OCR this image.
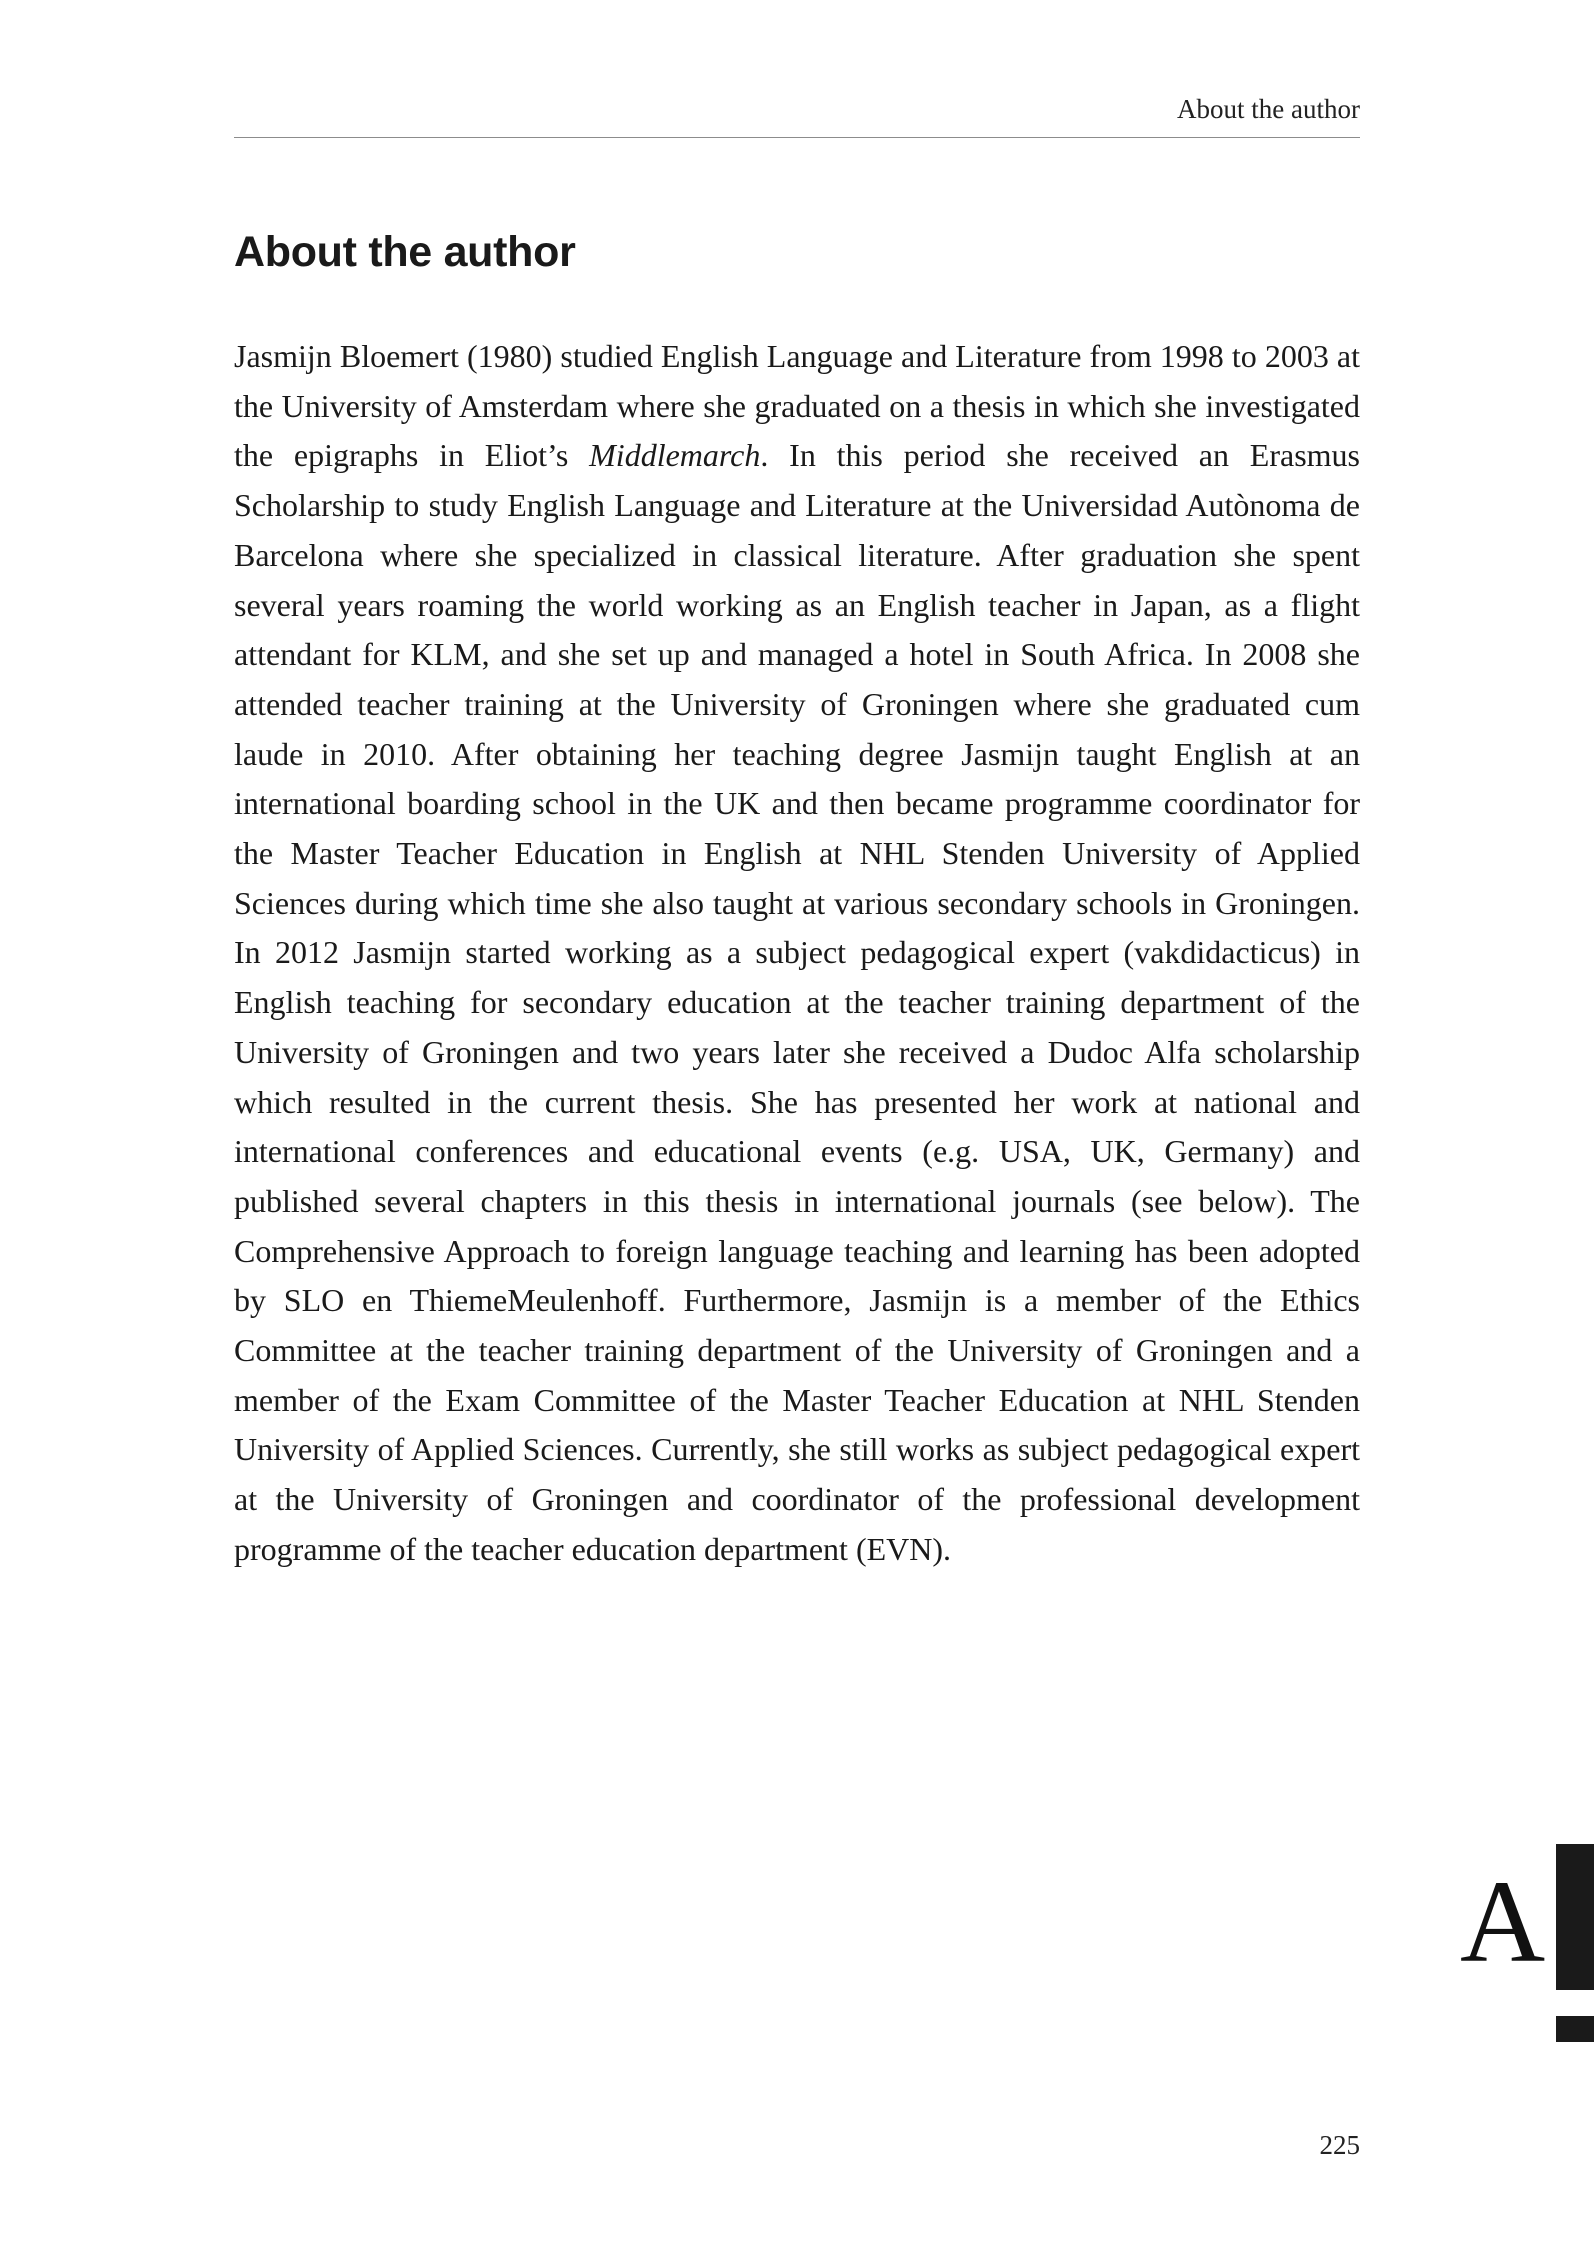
About the author
About the author

Jasmijn Bloemert (1980) studied English Language and Literature from 1998 to 2003 at the University of Amsterdam where she graduated on a thesis in which she investigated the epigraphs in Eliot’s Middlemarch. In this period she received an Erasmus Scholarship to study English Language and Literature at the Universidad Autònoma de Barcelona where she specialized in classical literature. After graduation she spent several years roaming the world working as an English teacher in Japan, as a flight attendant for KLM, and she set up and managed a hotel in South Africa. In 2008 she attended teacher training at the University of Groningen where she graduated cum laude in 2010. After obtaining her teaching degree Jasmijn taught English at an international boarding school in the UK and then became programme coordinator for the Master Teacher Education in English at NHL Stenden University of Applied Sciences during which time she also taught at various secondary schools in Groningen. In 2012 Jasmijn started working as a subject pedagogical expert (vakdidacticus) in English teaching for secondary education at the teacher training department of the University of Groningen and two years later she received a Dudoc Alfa scholarship which resulted in the current thesis. She has presented her work at national and international conferences and educational events (e.g. USA, UK, Germany) and published several chapters in this thesis in international journals (see below). The Comprehensive Approach to foreign language teaching and learning has been adopted by SLO en ThiemeMeulenhoff. Furthermore, Jasmijn is a member of the Ethics Committee at the teacher training department of the University of Groningen and a member of the Exam Committee of the Master Teacher Education at NHL Stenden University of Applied Sciences. Currently, she still works as subject pedagogical expert at the University of Groningen and coordinator of the professional development programme of the teacher education department (EVN).

A
225
